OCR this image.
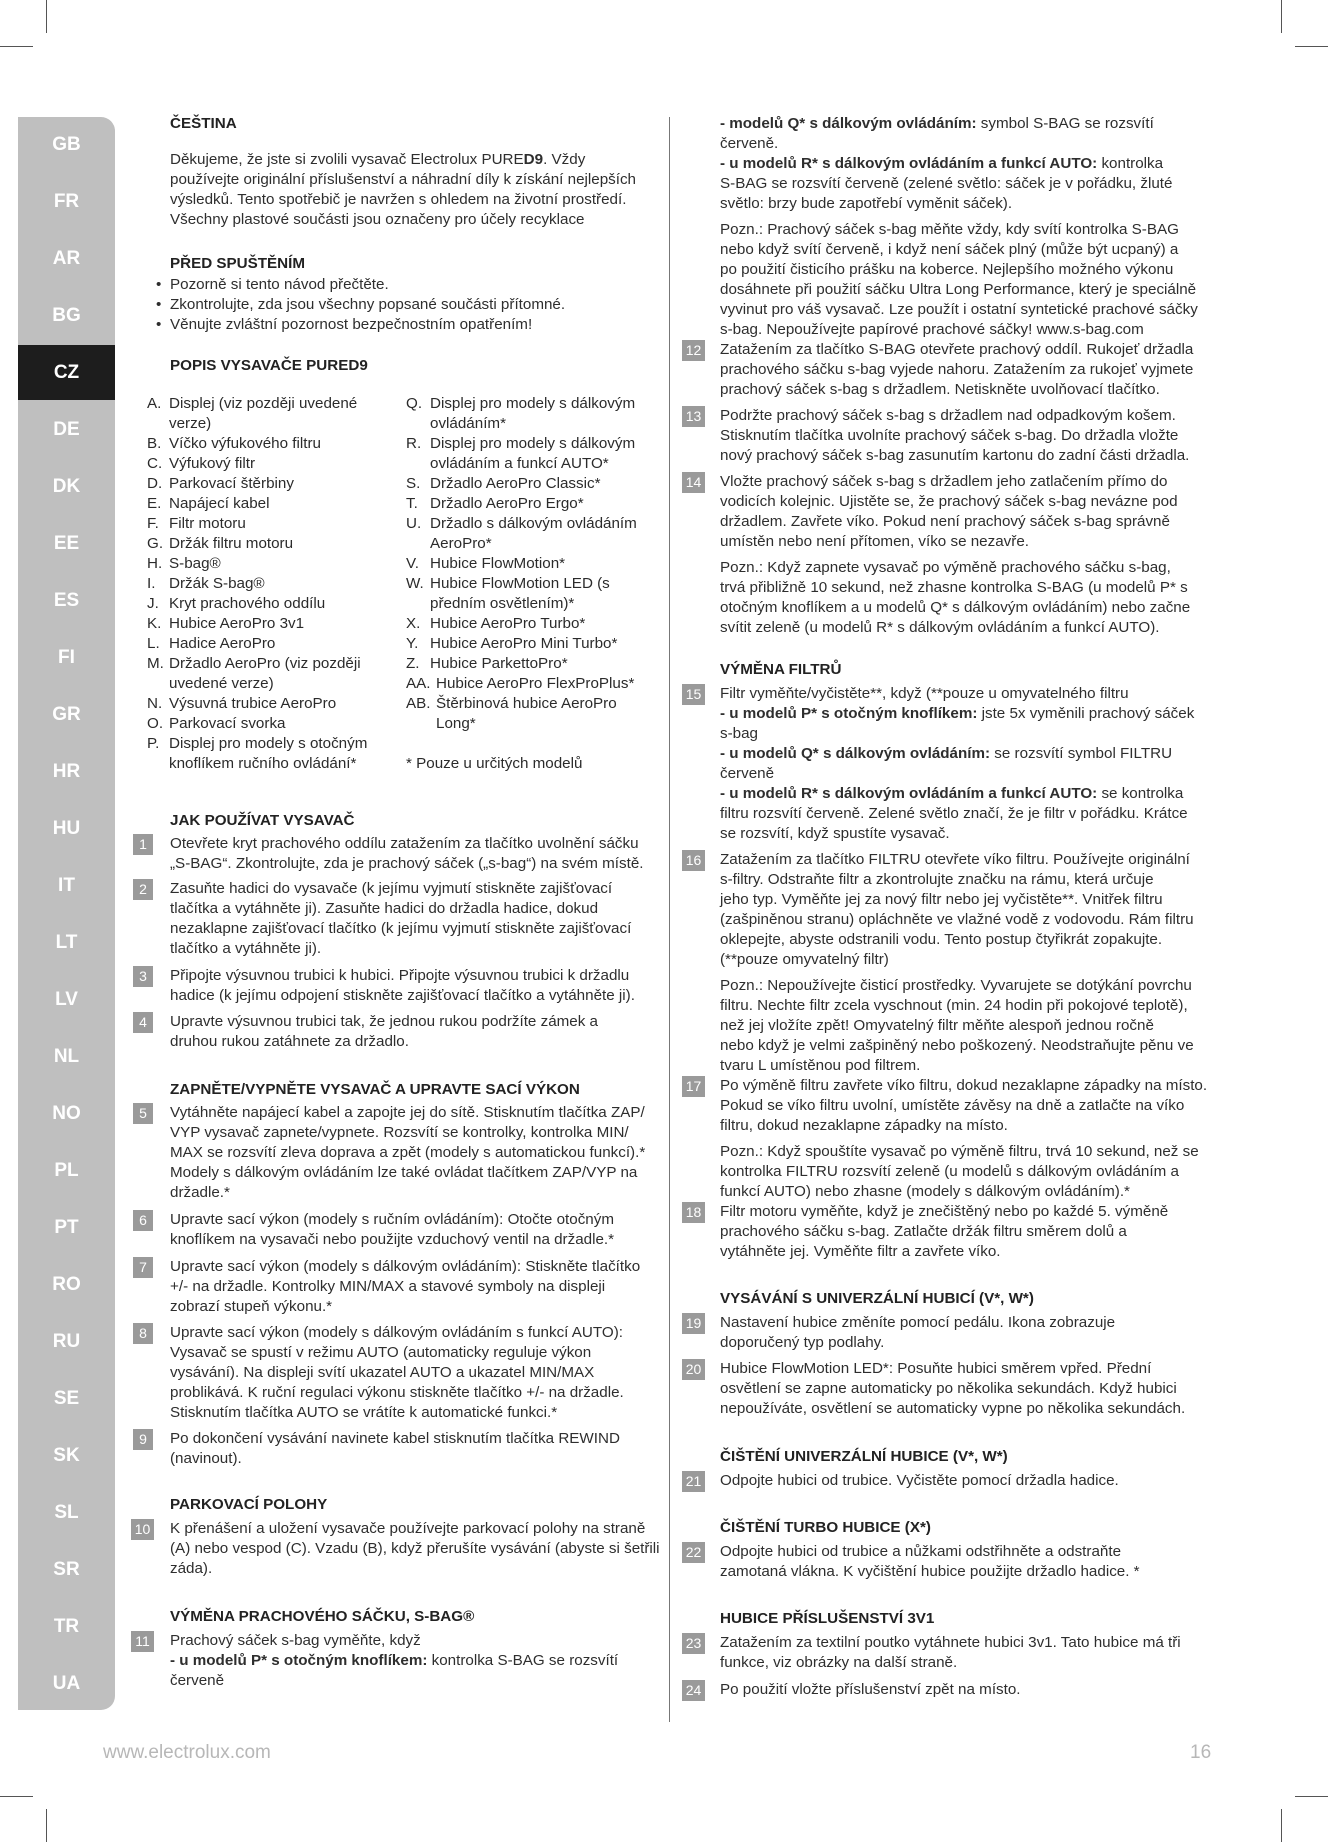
GB
FR
AR
BG
CZ
DE
DK
EE
ES
FI
GR
HR
HU
IT
LT
LV
NL
NO
PL
PT
RO
RU
SE
SK
SL
SR
TR
UA

ČEŠTINA

Děkujeme, že jste si zvolili vysavač Electrolux PURED9. Vždy

používejte originální příslušenství a náhradní díly k získání nejlepších

výsledků. Tento spotřebič je navržen s ohledem na životní prostředí.

Všechny plastové součásti jsou označeny pro účely recyklace

PŘED SPUŠTĚNÍM

• Pozorně si tento návod přečtěte.
• Zkontrolujte, zda jsou všechny popsané součásti přítomné.
• Věnujte zvláštní pozornost bezpečnostním opatřením!

POPIS VYSAVAČE PURED9

A. Displej (viz později uvedené
verze)
B. Víčko výfukového filtru
C. Výfukový filtr
D. Parkovací štěrbiny
E. Napájecí kabel
F. Filtr motoru
G. Držák filtru motoru
H. S-bag®
I. Držák S-bag®
J. Kryt prachového oddílu
K. Hubice AeroPro 3v1
L. Hadice AeroPro
M. Držadlo AeroPro (viz později
uvedené verze)
N. Výsuvná trubice AeroPro
O. Parkovací svorka
P. Displej pro modely s otočným
knoflíkem ručního ovládání*
Q. Displej pro modely s dálkovým
ovládáním*
R. Displej pro modely s dálkovým
ovládáním a funkcí AUTO*
S. Držadlo AeroPro Classic*
T. Držadlo AeroPro Ergo*
U. Držadlo s dálkovým ovládáním
AeroPro*
V. Hubice FlowMotion*
W. Hubice FlowMotion LED (s
předním osvětlením)*
X. Hubice AeroPro Turbo*
Y. Hubice AeroPro Mini Turbo*
Z. Hubice ParkettoPro*
AA. Hubice AeroPro FlexProPlus*
AB. Štěrbinová hubice AeroPro
Long*
* Pouze u určitých modelů

JAK POUŽÍVAT VYSAVAČ

1	Otevřete kryt prachového oddílu zatažením za tlačítko uvolnění sáčku

„S-BAG“. Zkontrolujte, zda je prachový sáček („s-bag“) na svém místě.

2	Zasuňte hadici do vysavače (k jejímu vyjmutí stiskněte zajišťovací

tlačítka a vytáhněte ji). Zasuňte hadici do držadla hadice, dokud

nezaklapne zajišťovací tlačítko (k jejímu vyjmutí stiskněte zajišťovací

tlačítko a vytáhněte ji).

3	Připojte výsuvnou trubici k hubici. Připojte výsuvnou trubici k držadlu

hadice (k jejímu odpojení stiskněte zajišťovací tlačítko a vytáhněte ji).

4	Upravte výsuvnou trubici tak, že jednou rukou podržíte zámek a

druhou rukou zatáhnete za držadlo.

ZAPNĚTE/VYPNĚTE VYSAVAČ A UPRAVTE SACÍ VÝKON

5	Vytáhněte napájecí kabel a zapojte jej do sítě. Stisknutím tlačítka ZAP/

VYP vysavač zapnete/vypnete. Rozsvítí se kontrolky, kontrolka MIN/

MAX se rozsvítí zleva doprava a zpět (modely s automatickou funkcí).*

Modely s dálkovým ovládáním lze také ovládat tlačítkem ZAP/VYP na

držadle.*

6	Upravte sací výkon (modely s ručním ovládáním): Otočte otočným

knoflíkem na vysavači nebo použijte vzduchový ventil na držadle.*

7	Upravte sací výkon (modely s dálkovým ovládáním): Stiskněte tlačítko

+/- na držadle. Kontrolky MIN/MAX a stavové symboly na displeji

zobrazí stupeň výkonu.*

8	Upravte sací výkon (modely s dálkovým ovládáním s funkcí AUTO):

Vysavač se spustí v režimu AUTO (automaticky reguluje výkon

vysávání). Na displeji svítí ukazatel AUTO a ukazatel MIN/MAX

problikává. K ruční regulaci výkonu stiskněte tlačítko +/- na držadle.

Stisknutím tlačítka AUTO se vrátíte k automatické funkci.*

9	Po dokončení vysávání navinete kabel stisknutím tlačítka REWIND

(navinout).

PARKOVACÍ POLOHY

10 K přenášení a uložení vysavače používejte parkovací polohy na straně

(A) nebo vespod (C). Vzadu (B), když přerušíte vysávání (abyste si šetřili

záda).

VÝMĚNA PRACHOVÉHO SÁČKU, S-BAG®

11 Prachový sáček s-bag vyměňte, když

- u modelů P* s otočným knoflíkem: kontrolka S-BAG se rozsvítí

červeně

- modelů Q* s dálkovým ovládáním: symbol S-BAG se rozsvítí

červeně.

- u modelů R* s dálkovým ovládáním a funkcí AUTO: kontrolka

S-BAG se rozsvítí červeně (zelené světlo: sáček je v pořádku, žluté

světlo: brzy bude zapotřebí vyměnit sáček).

Pozn.: Prachový sáček s-bag měňte vždy, kdy svítí kontrolka S-BAG

nebo když svítí červeně, i když není sáček plný (může být ucpaný) a

po použití čisticího prášku na koberce. Nejlepšího možného výkonu

dosáhnete při použití sáčku Ultra Long Performance, který je speciálně

vyvinut pro váš vysavač. Lze použít i ostatní syntetické prachové sáčky

s-bag. Nepoužívejte papírové prachové sáčky! www.s-bag.com

12 Zatažením za tlačítko S-BAG otevřete prachový oddíl. Rukojeť držadla

prachového sáčku s-bag vyjede nahoru. Zatažením za rukojeť vyjmete

prachový sáček s-bag s držadlem. Netiskněte uvolňovací tlačítko.

13 Podržte prachový sáček s-bag s držadlem nad odpadkovým košem.

Stisknutím tlačítka uvolníte prachový sáček s-bag. Do držadla vložte

nový prachový sáček s-bag zasunutím kartonu do zadní části držadla.

14 Vložte prachový sáček s-bag s držadlem jeho zatlačením přímo do

vodicích kolejnic. Ujistěte se, že prachový sáček s-bag nevázne pod

držadlem. Zavřete víko. Pokud není prachový sáček s-bag správně

umístěn nebo není přítomen, víko se nezavře.

Pozn.: Když zapnete vysavač po výměně prachového sáčku s-bag,

trvá přibližně 10 sekund, než zhasne kontrolka S-BAG (u modelů P* s

otočným knoflíkem a u modelů Q* s dálkovým ovládáním) nebo začne

svítit zeleně (u modelů R* s dálkovým ovládáním a funkcí AUTO).

VÝMĚNA FILTRŮ

15 Filtr vyměňte/vyčistěte**, když (**pouze u omyvatelného filtru

- u modelů P* s otočným knoflíkem: jste 5x vyměnili prachový sáček

s-bag

- u modelů Q* s dálkovým ovládáním: se rozsvítí symbol FILTRU

červeně

- u modelů R* s dálkovým ovládáním a funkcí AUTO: se kontrolka

filtru rozsvítí červeně. Zelené světlo značí, že je filtr v pořádku. Krátce

se rozsvítí, když spustíte vysavač.

16 Zatažením za tlačítko FILTRU otevřete víko filtru. Používejte originální

s-filtry. Odstraňte filtr a zkontrolujte značku na rámu, která určuje

jeho typ. Vyměňte jej za nový filtr nebo jej vyčistěte**. Vnitřek filtru

(zašpiněnou stranu) opláchněte ve vlažné vodě z vodovodu. Rám filtru

oklepejte, abyste odstranili vodu. Tento postup čtyřikrát zopakujte.

(**pouze omyvatelný filtr)

Pozn.: Nepoužívejte čisticí prostředky. Vyvarujete se dotýkání povrchu

filtru. Nechte filtr zcela vyschnout (min. 24 hodin při pokojové teplotě),

než jej vložíte zpět! Omyvatelný filtr měňte alespoň jednou ročně

nebo když je velmi zašpiněný nebo poškozený. Neodstraňujte pěnu ve

tvaru L umístěnou pod filtrem.

17 Po výměně filtru zavřete víko filtru, dokud nezaklapne západky na místo.

Pokud se víko filtru uvolní, umístěte závěsy na dně a zatlačte na víko

filtru, dokud nezaklapne západky na místo.

Pozn.: Když spouštíte vysavač po výměně filtru, trvá 10 sekund, než se

kontrolka FILTRU rozsvítí zeleně (u modelů s dálkovým ovládáním a

funkcí AUTO) nebo zhasne (modely s dálkovým ovládáním).*

18 Filtr motoru vyměňte, když je znečištěný nebo po každé 5. výměně

prachového sáčku s-bag. Zatlačte držák filtru směrem dolů a

vytáhněte jej. Vyměňte filtr a zavřete víko.

VYSÁVÁNÍ S UNIVERZÁLNÍ HUBICÍ (V*, W*)

19 Nastavení hubice změníte pomocí pedálu. Ikona zobrazuje

doporučený typ podlahy.

20 Hubice FlowMotion LED*: Posuňte hubici směrem vpřed. Přední

osvětlení se zapne automaticky po několika sekundách. Když hubici

nepoužíváte, osvětlení se automaticky vypne po několika sekundách.

ČIŠTĚNÍ UNIVERZÁLNÍ HUBICE (V*, W*)

21 Odpojte hubici od trubice. Vyčistěte pomocí držadla hadice.

ČIŠTĚNÍ TURBO HUBICE (X*)

22 Odpojte hubici od trubice a nůžkami odstřihněte a odstraňte

zamotaná vlákna. K vyčištění hubice použijte držadlo hadice. *

HUBICE PŘÍSLUŠENSTVÍ 3V1

23 Zatažením za textilní poutko vytáhnete hubici 3v1. Tato hubice má tři

funkce, viz obrázky na další straně.

24 Po použití vložte příslušenství zpět na místo.

www.electrolux.com	16
